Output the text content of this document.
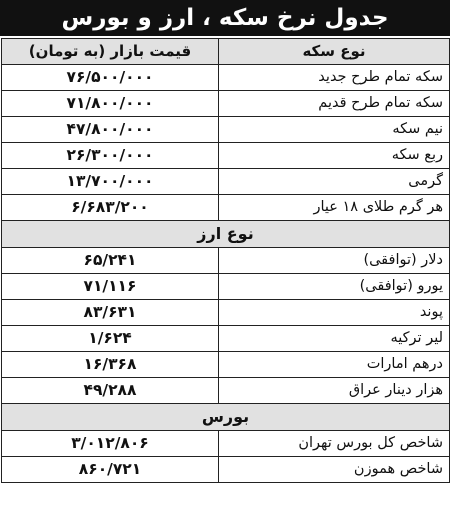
جدول نرخ سکه ، ارز و بورس
نوع سکه	قیمت بازار (به تومان)
سکه تمام طرح جدید	۷۶/۵۰۰/۰۰۰
سکه تمام طرح قدیم	۷۱/۸۰۰/۰۰۰
نیم سکه	۴۷/۸۰۰/۰۰۰
ربع سکه	۲۶/۳۰۰/۰۰۰
گرمی	۱۳/۷۰۰/۰۰۰
هر گرم طلای ۱۸ عیار	۶/۶۸۳/۲۰۰
نوع ارز	
دلار (توافقی)	۶۵/۲۴۱
یورو (توافقی)	۷۱/۱۱۶
پوند	۸۳/۶۳۱
لیر ترکیه	۱/۶۲۴
درهم امارات	۱۶/۳۶۸
هزار دینار عراق	۴۹/۲۸۸
بورس	
شاخص کل بورس تهران	۳/۰۱۲/۸۰۶
شاخص هموزن	۸۶۰/۷۲۱
